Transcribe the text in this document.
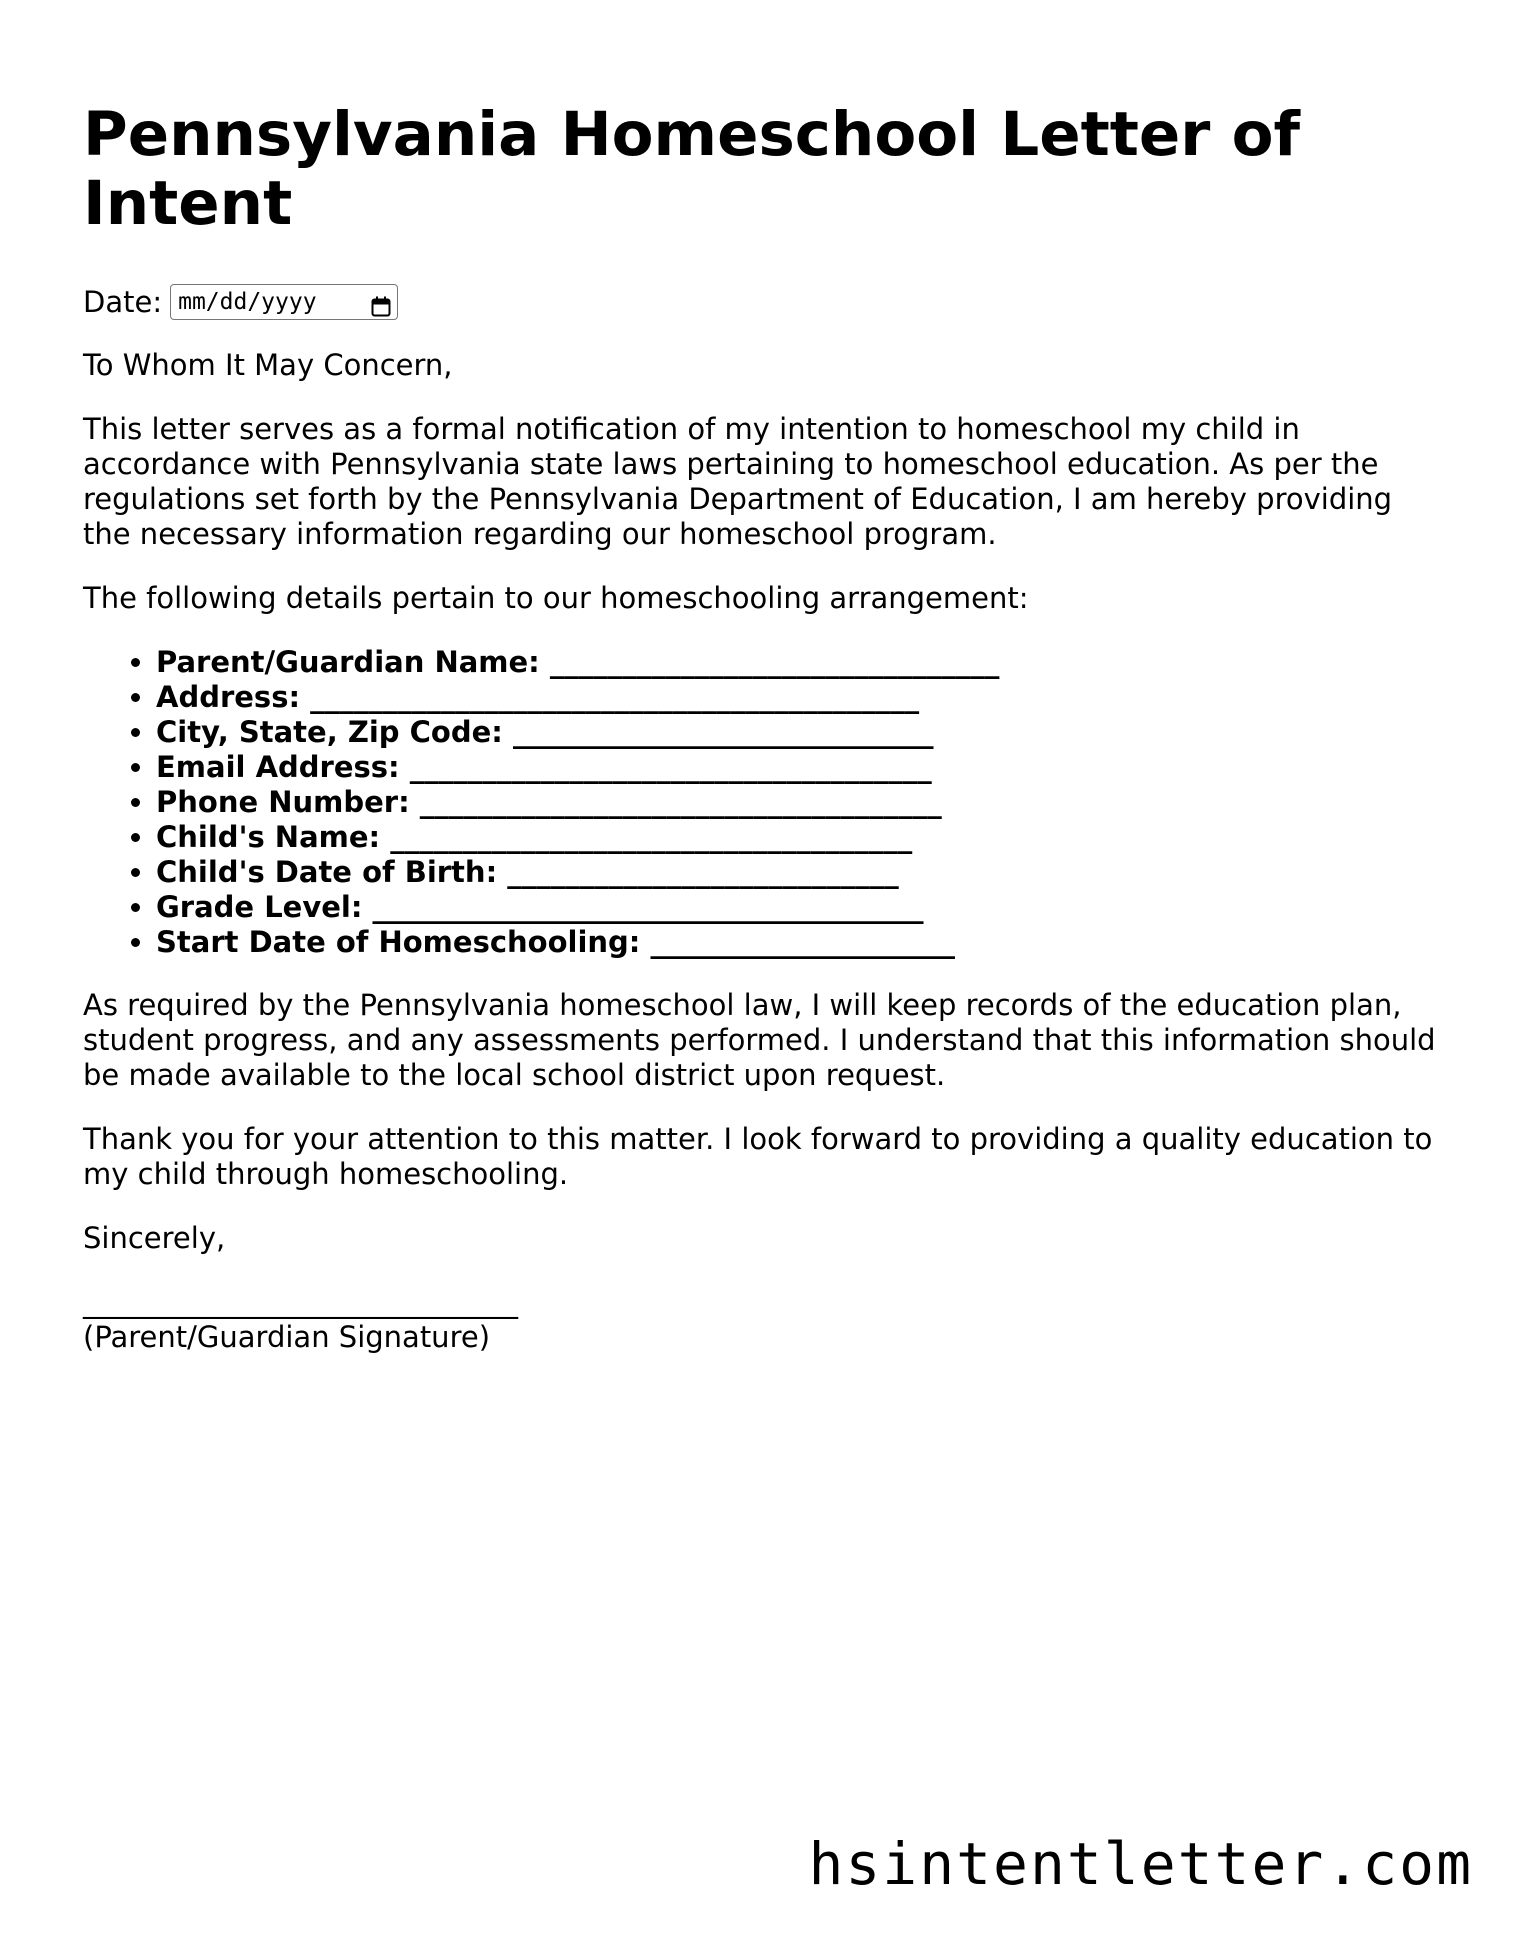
Pennsylvania Homeschool Letter of Intent
Date: mm/dd/yyyy

To Whom It May Concern,

This letter serves as a formal notification of my intention to homeschool my child in accordance with Pennsylvania state laws pertaining to homeschool education. As per the regulations set forth by the Pennsylvania Department of Education, I am hereby providing the necessary information regarding our homeschool program.

The following details pertain to our homeschooling arrangement:

• Parent/Guardian Name: _______________________________
• Address: __________________________________________
• City, State, Zip Code: _____________________________
• Email Address: ____________________________________
• Phone Number: ____________________________________
• Child's Name: ____________________________________
• Child's Date of Birth: ___________________________
• Grade Level: ______________________________________
• Start Date of Homeschooling: _____________________

As required by the Pennsylvania homeschool law, I will keep records of the education plan, student progress, and any assessments performed. I understand that this information should be made available to the local school district upon request.

Thank you for your attention to this matter. I look forward to providing a quality education to my child through homeschooling.

Sincerely,

______________________________
(Parent/Guardian Signature)
hsintentletter.com
